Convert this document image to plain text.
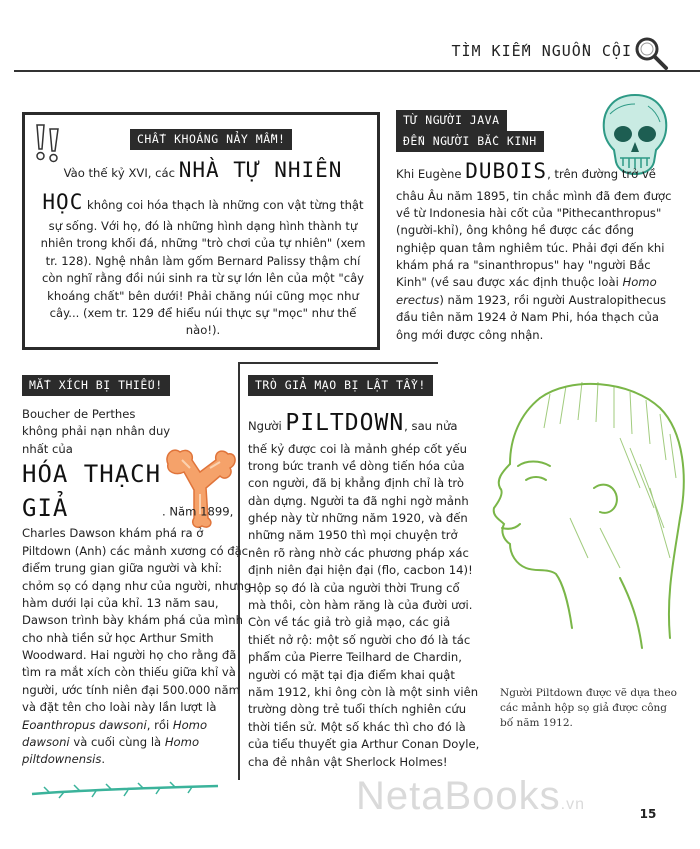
TÌM KIẾM NGUỒN CỘI
CHẤT KHOÁNG NẢY MẦM!
Vào thế kỷ XVI, các NHÀ TỰ NHIÊN HỌC không coi hóa thạch là những con vật từng thật sự sống. Với họ, đó là những hình dạng hình thành tự nhiên trong khối đá, những "trò chơi của tự nhiên" (xem tr. 128). Nghệ nhân làm gốm Bernard Palissy thậm chí còn nghĩ rằng đồi núi sinh ra từ sự lớn lên của một "cây khoáng chất" bên dưới! Phải chăng núi cũng mọc như cây... (xem tr. 129 để hiểu núi thực sự "mọc" như thế nào!).
TỪ NGƯỜI JAVA
ĐẾN NGƯỜI BẮC KINH
Khi Eugène DUBOIS, trên đường trở về châu Âu năm 1895, tin chắc mình đã đem được về từ Indonesia hài cốt của "Pithecanthropus" (người-khỉ), ông không hề được các đồng nghiệp quan tâm nghiêm túc. Phải đợi đến khi khám phá ra "sinanthropus" hay "người Bắc Kinh" (về sau được xác định thuộc loài Homo erectus) năm 1923, rồi người Australopithecus đầu tiên năm 1924 ở Nam Phi, hóa thạch của ông mới được công nhận.
MẮT XÍCH BỊ THIẾU!
Boucher de Perthes không phải nạn nhân duy nhất của
HÓA THẠCH GIẢ	. Năm 1899, Charles Dawson khám phá ra ở Piltdown (Anh) các mảnh xương có đặc điểm trung gian giữa người và khỉ: chỏm sọ có dạng như của người, nhưng hàm dưới lại của khỉ. 13 năm sau, Dawson trình bày khám phá của mình cho nhà tiền sử học Arthur Smith Woodward. Hai người họ cho rằng đã tìm ra mắt xích còn thiếu giữa khỉ và người, ước tính niên đại 500.000 năm và đặt tên cho loài này lần lượt là Eoanthropus dawsoni, rồi Homo dawsoni và cuối cùng là Homo piltdownensis.
TRÒ GIẢ MẠO BỊ LẬT TẨY!
Người PILTDOWN, sau nửa thế kỷ được coi là mảnh ghép cốt yếu trong bức tranh về dòng tiến hóa của con người, đã bị khẳng định chỉ là trò dàn dựng. Người ta đã nghi ngờ mảnh ghép này từ những năm 1920, và đến những năm 1950 thì mọi chuyện trở nên rõ ràng nhờ các phương pháp xác định niên đại hiện đại (flo, cacbon 14)! Hộp sọ đó là của người thời Trung cổ mà thôi, còn hàm răng là của đười ươi. Còn về tác giả trò giả mạo, các giả thiết nở rộ: một số người cho đó là tác phẩm của Pierre Teilhard de Chardin, người có mặt tại địa điểm khai quật năm 1912, khi ông còn là một sinh viên trường dòng trẻ tuổi thích nghiên cứu thời tiền sử. Một số khác thì cho đó là của tiểu thuyết gia Arthur Conan Doyle, cha đẻ nhân vật Sherlock Holmes!
Người Piltdown được vẽ dựa theo các mảnh hộp sọ giả được công bố năm 1912.
NetaBooks.vn
15
